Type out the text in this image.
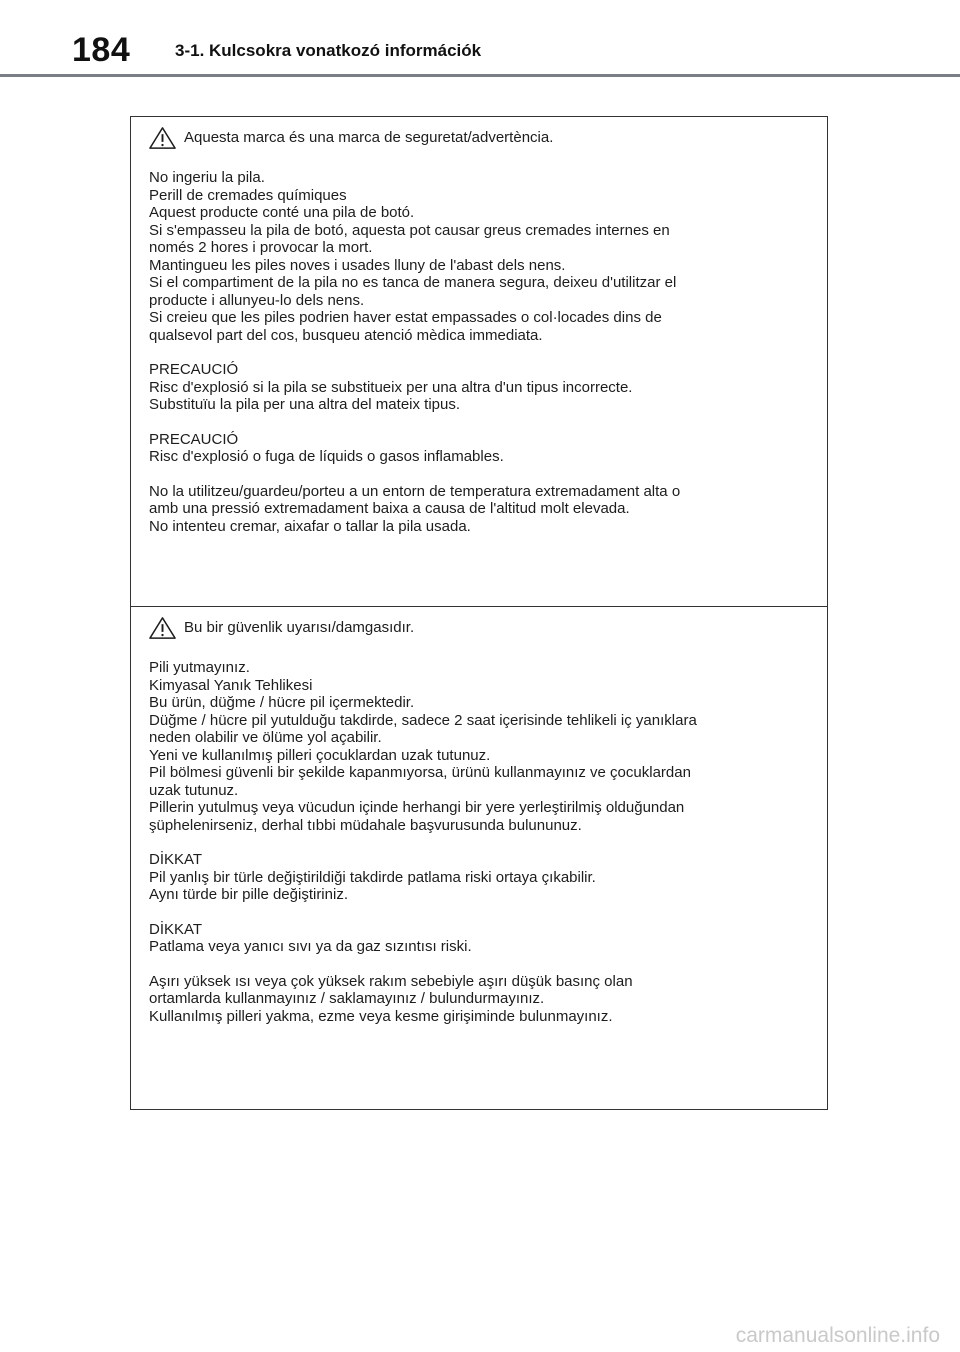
184	3-1. Kulcsokra vonatkozó információk
Aquesta marca és una marca de seguretat/advertència.
No ingeriu la pila.
Perill de cremades químiques
Aquest producte conté una pila de botó.
Si s'empasseu la pila de botó, aquesta pot causar greus cremades internes en
només 2 hores i provocar la mort.
Mantingueu les piles noves i usades lluny de l'abast dels nens.
Si el compartiment de la pila no es tanca de manera segura, deixeu d'utilitzar el
producte i allunyeu-lo dels nens.
Si creieu que les piles podrien haver estat empassades o col·locades dins de
qualsevol part del cos, busqueu atenció mèdica immediata.
PRECAUCIÓ
Risc d'explosió si la pila se substitueix per una altra d'un tipus incorrecte.
Substituïu la pila per una altra del mateix tipus.
PRECAUCIÓ
Risc d'explosió o fuga de líquids o gasos inflamables.
No la utilitzeu/guardeu/porteu a un entorn de temperatura extremadament alta o
amb una pressió extremadament baixa a causa de l'altitud molt elevada.
No intenteu cremar, aixafar o tallar la pila usada.
Bu bir güvenlik uyarısı/damgasıdır.
Pili yutmayınız.
Kimyasal Yanık Tehlikesi
Bu ürün, düğme / hücre pil içermektedir.
Düğme / hücre pil yutulduğu takdirde, sadece 2 saat içerisinde tehlikeli iç yanıklara
neden olabilir ve ölüme yol açabilir.
Yeni ve kullanılmış pilleri çocuklardan uzak tutunuz.
Pil bölmesi güvenli bir şekilde kapanmıyorsa, ürünü kullanmayınız ve çocuklardan
uzak tutunuz.
Pillerin yutulmuş veya vücudun içinde herhangi bir yere yerleştirilmiş olduğundan
şüphelenirseniz, derhal tıbbi müdahale başvurusunda bulununuz.
DİKKAT
Pil yanlış bir türle değiştirildiği takdirde patlama riski ortaya çıkabilir.
Aynı türde bir pille değiştiriniz.
DİKKAT
Patlama veya yanıcı sıvı ya da gaz sızıntısı riski.
Aşırı yüksek ısı veya çok yüksek rakım sebebiyle aşırı düşük basınç olan
ortamlarda kullanmayınız / saklamayınız / bulundurmayınız.
Kullanılmış pilleri yakma, ezme veya kesme girişiminde bulunmayınız.
carmanualsonline.info
